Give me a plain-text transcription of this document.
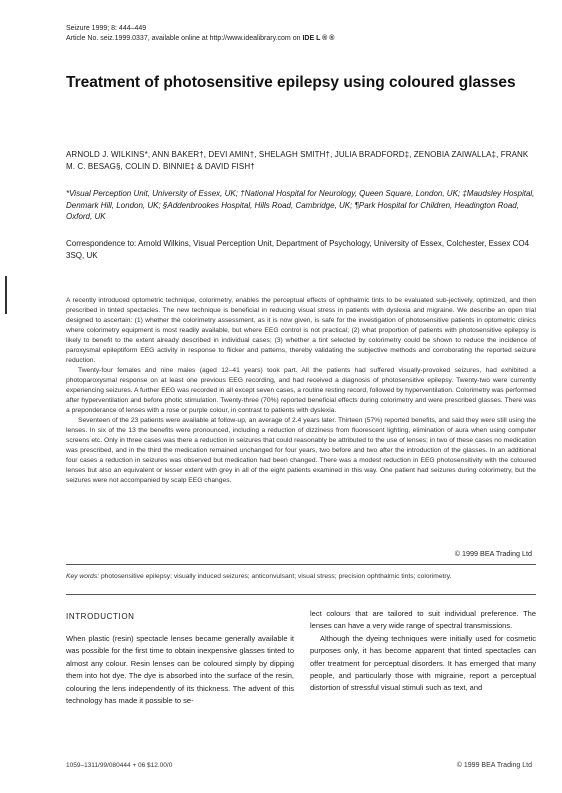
Seizure 1999; 8: 444–449
Article No. seiz.1999.0337, available online at http://www.idealibrary.com on IDE L ® ®
Treatment of photosensitive epilepsy using coloured glasses
ARNOLD J. WILKINS*, ANN BAKER†, DEVI AMIN†, SHELAGH SMITH†, JULIA BRADFORD‡, ZENOBIA ZAIWALLA‡, FRANK M. C. BESAG§, COLIN D. BINNIE‡ & DAVID FISH†
*Visual Perception Unit, University of Essex, UK; †National Hospital for Neurology, Queen Square, London, UK; ‡Maudsley Hospital, Denmark Hill, London, UK; §Addenbrookes Hospital, Hills Road, Cambridge, UK; ¶Park Hospital for Children, Headington Road, Oxford, UK
Correspondence to: Arnold Wilkins, Visual Perception Unit, Department of Psychology, University of Essex, Colchester, Essex CO4 3SQ, UK

A recently introduced optometric technique, colorimetry, enables the perceptual effects of ophthalmic tints to be evaluated sub-jectively, optimized, and then prescribed in tinted spectacles. The new technique is beneficial in reducing visual stress in patients with dyslexia and migraine. We describe an open trial designed to ascertain: (1) whether the colorimetry assessment, as it is now given, is safe for the investigation of photosensitive patients in optometric clinics where colorimetry equipment is most readily available, but where EEG control is not practical; (2) what proportion of patients with photosensitive epilepsy is likely to benefit to the extent already described in individual cases; (3) whether a tint selected by colorimetry could be shown to reduce the incidence of paroxysmal epileptiform EEG activity in response to flicker and patterns, thereby validating the subjective methods and corroborating the reported seizure reduction.

Twenty-four females and nine males (aged 12–41 years) took part. All the patients had suffered visually-provoked seizures, had exhibited a photoparoxysmal response on at least one previous EEG recording, and had received a diagnosis of photosensitive epilepsy. Twenty-two were currently experiencing seizures. A further EEG was recorded in all except seven cases, a routine resting record, followed by hyperventilation. Colorimetry was performed after hyperventilation and before photic stimulation. Twenty-three (70%) reported beneficial effects during colorimetry and were prescribed glasses. There was a preponderance of lenses with a rose or purple colour, in contrast to patients with dyslexia.

Seventeen of the 23 patients were available at follow-up, an average of 2.4 years later. Thirteen (57%) reported benefits, and said they were still using the lenses. In six of the 13 the benefits were pronounced, including a reduction of dizziness from fluorescent lighting, elimination of aura when using computer screens etc. Only in three cases was there a reduction in seizures that could reasonably be attributed to the use of lenses; in two of these cases no medication was prescribed, and in the third the medication remained unchanged for four years, two before and two after the introduction of the glasses. In an additional four cases a reduction in seizures was observed but medication had been changed. There was a modest reduction in EEG photosensitivity with the coloured lenses but also an equivalent or lesser extent with grey in all of the eight patients examined in this way. One patient had seizures during colorimetry, but the seizures were not accompanied by scalp EEG changes.

© 1999 BEA Trading Ltd
Key words: photosensitive epilepsy; visually induced seizures; anticonvulsant; visual stress; precision ophthalmic tints; colorimetry.
INTRODUCTION

When plastic (resin) spectacle lenses became generally available it was possible for the first time to obtain inexpensive glasses tinted to almost any colour. Resin lenses can be coloured simply by dipping them into hot dye. The dye is absorbed into the surface of the resin, colouring the lens independently of its thickness. The advent of this technology has made it possible to se-

lect colours that are tailored to suit individual preference. The lenses can have a very wide range of spectral transmissions.

Although the dyeing techniques were initially used for cosmetic purposes only, it has become apparent that tinted spectacles can offer treatment for perceptual disorders. It has emerged that many people, and particularly those with migraine, report a perceptual distortion of stressful visual stimuli such as text, and

1059–1311/99/080444 + 06 $12.00/0	© 1999 BEA Trading Ltd
